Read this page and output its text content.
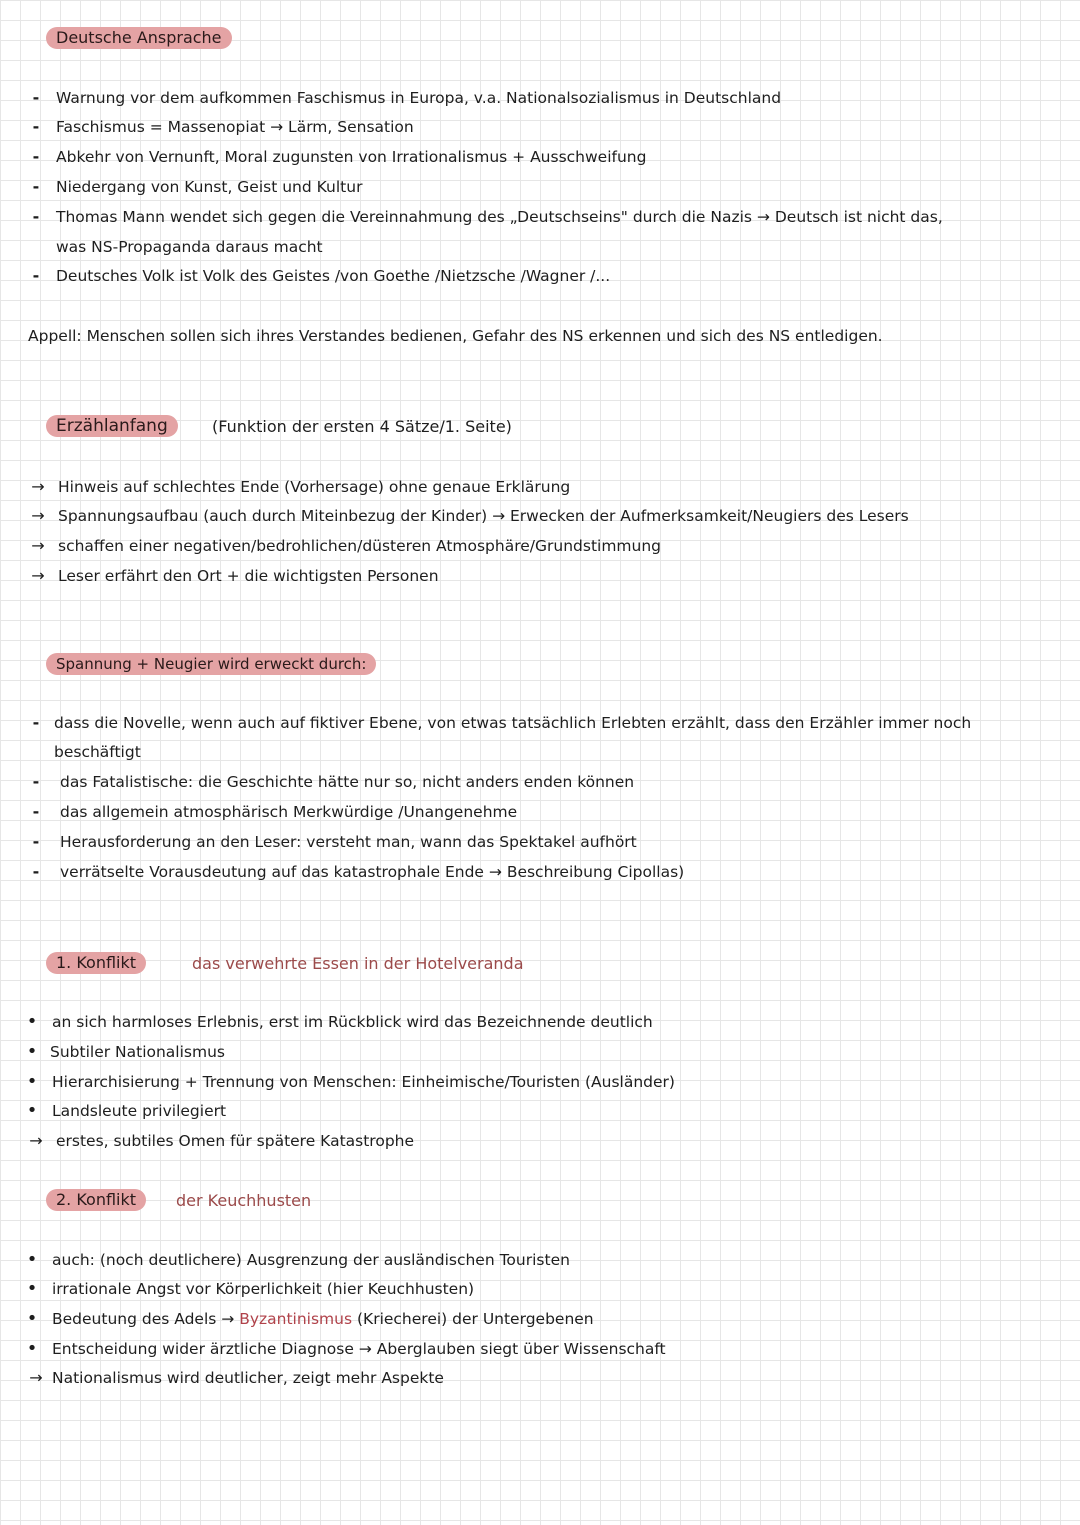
Deutsche Ansprache
-	Warnung vor dem aufkommen Faschismus in Europa, v.a. Nationalsozialismus in Deutschland
-	Faschismus = Massenopiat → Lärm, Sensation
-	Abkehr von Vernunft, Moral zugunsten von Irrationalismus + Ausschweifung
-	Niedergang von Kunst, Geist und Kultur
-	Thomas Mann wendet sich gegen die Vereinnahmung des „Deutschseins" durch die Nazis → Deutsch ist nicht das,
was NS-Propaganda daraus macht
-	Deutsches Volk ist Volk des Geistes /von Goethe /Nietzsche /Wagner /...
Appell: Menschen sollen sich ihres Verstandes bedienen, Gefahr des NS erkennen und sich des NS entledigen.
Erzählanfang	(Funktion der ersten 4 Sätze/1. Seite)
→ Hinweis auf schlechtes Ende (Vorhersage) ohne genaue Erklärung
→ Spannungsaufbau (auch durch Miteinbezug der Kinder) → Erwecken der Aufmerksamkeit/Neugiers des Lesers
→ schaffen einer negativen/bedrohlichen/düsteren Atmosphäre/Grundstimmung
→ Leser erfährt den Ort + die wichtigsten Personen
Spannung + Neugier wird erweckt durch:
- dass die Novelle, wenn auch auf fiktiver Ebene, von etwas tatsächlich Erlebten erzählt, dass den Erzähler immer noch
beschäftigt
-	das Fatalistische: die Geschichte hätte nur so, nicht anders enden können
-	das allgemein atmosphärisch Merkwürdige /Unangenehme
-	Herausforderung an den Leser: versteht man, wann das Spektakel aufhört
-	verrätselte Vorausdeutung auf das katastrophale Ende → Beschreibung Cipollas)
1. Konflikt	das verwehrte Essen in der Hotelveranda
• an sich harmloses Erlebnis, erst im Rückblick wird das Bezeichnende deutlich
• Subtiler Nationalismus
• Hierarchisierung + Trennung von Menschen: Einheimische/Touristen (Ausländer)
• Landsleute privilegiert
→ erstes, subtiles Omen für spätere Katastrophe
2. Konflikt	der Keuchhusten
• auch: (noch deutlichere) Ausgrenzung der ausländischen Touristen
• irrationale Angst vor Körperlichkeit (hier Keuchhusten)
• Bedeutung des Adels → Byzantinismus (Kriecherei) der Untergebenen
• Entscheidung wider ärztliche Diagnose → Aberglauben siegt über Wissenschaft
→ Nationalismus wird deutlicher, zeigt mehr Aspekte
